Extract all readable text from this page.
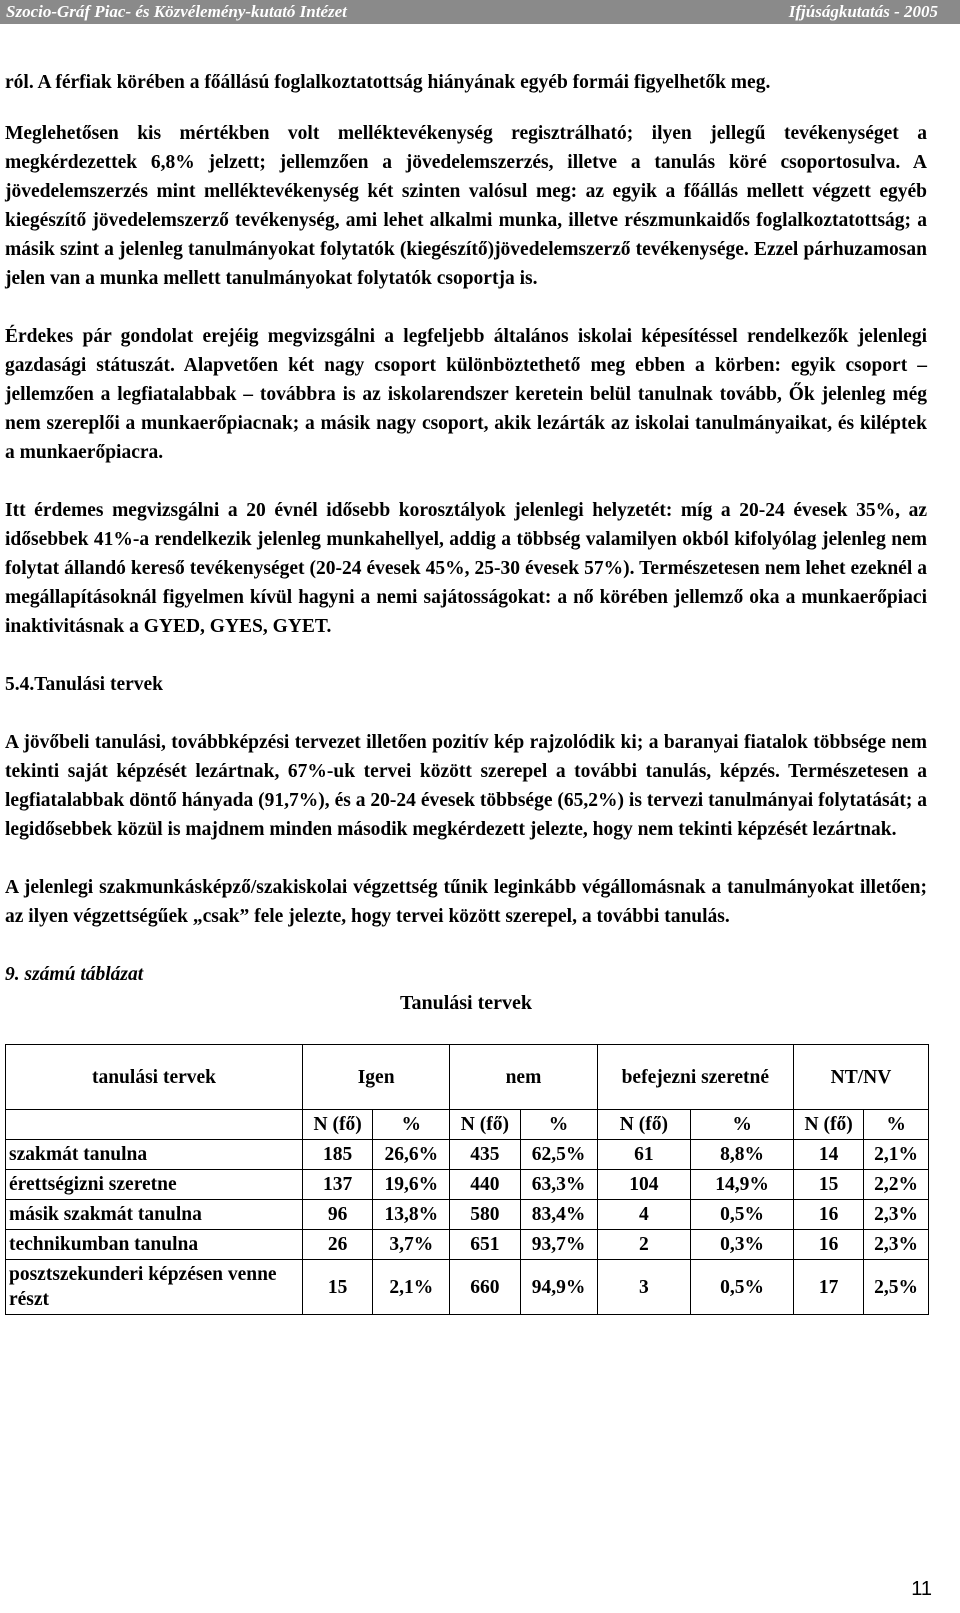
Szocio-Gráf Piac- és Közvélemény-kutató Intézet	Ifjúságkutatás - 2005

ról. A férfiak körében a főállású foglalkoztatottság hiányának egyéb formái figyelhetők meg.

Meglehetősen kis mértékben volt melléktevékenység regisztrálható; ilyen jellegű tevékenységet a megkérdezettek 6,8% jelzett; jellemzően a jövedelemszerzés, illetve a tanulás köré csoportosulva. A jövedelemszerzés mint melléktevékenység két szinten valósul meg: az egyik a főállás mellett végzett egyéb kiegészítő jövedelemszerző tevékenység, ami lehet alkalmi munka, illetve részmunkaidős foglalkoztatottság; a másik szint a jelenleg tanulmányokat folytatók (kiegészítő)jövedelemszerző tevékenysége. Ezzel párhuzamosan jelen van a munka mellett tanulmányokat folytatók csoportja is.

Érdekes pár gondolat erejéig megvizsgálni a legfeljebb általános iskolai képesítéssel rendelkezők jelenlegi gazdasági státuszát. Alapvetően két nagy csoport különböztethető meg ebben a körben: egyik csoport – jellemzően a legfiatalabbak – továbbra is az iskolarendszer keretein belül tanulnak tovább, Ők jelenleg még nem szereplői a munkaerőpiacnak; a másik nagy csoport, akik lezárták az iskolai tanulmányaikat, és kiléptek a munkaerőpiacra.

Itt érdemes megvizsgálni a 20 évnél idősebb korosztályok jelenlegi helyzetét: míg a 20-24 évesek 35%, az idősebbek 41%-a rendelkezik jelenleg munkahellyel, addig a többség valamilyen okból kifolyólag jelenleg nem folytat állandó kereső tevékenységet (20-24 évesek 45%, 25-30 évesek 57%). Természetesen nem lehet ezeknél a megállapításoknál figyelmen kívül hagyni a nemi sajátosságokat: a nő körében jellemző oka a munkaerőpiaci inaktivitásnak a GYED, GYES, GYET.

5.4.Tanulási tervek

A jövőbeli tanulási, továbbképzési tervezet illetően pozitív kép rajzolódik ki; a baranyai fiatalok többsége nem tekinti saját képzését lezártnak, 67%-uk tervei között szerepel a további tanulás, képzés. Természetesen a legfiatalabbak döntő hányada (91,7%), és a 20-24 évesek többsége (65,2%) is tervezi tanulmányai folytatását; a legidősebbek közül is majdnem minden második megkérdezett jelezte, hogy nem tekinti képzését lezártnak.

A jelenlegi szakmunkásképző/szakiskolai végzettség tűnik leginkább végállomásnak a tanulmányokat illetően; az ilyen végzettségűek „csak” fele jelezte, hogy tervei között szerepel, a további tanulás.

9. számú táblázat

Tanulási tervek

tanulási tervek	Igen		nem		befejezni szeretné		NT/NV	
	N (fő)	%	N (fő)	%	N (fő)	%	N (fő)	%
szakmát tanulna	185	26,6%	435	62,5%	61	8,8%	14	2,1%
érettségizni szeretne	137	19,6%	440	63,3%	104	14,9%	15	2,2%
másik szakmát tanulna	96	13,8%	580	83,4%	4	0,5%	16	2,3%
technikumban tanulna	26	3,7%	651	93,7%	2	0,3%	16	2,3%
posztszekunderi képzésen venne részt	15	2,1%	660	94,9%	3	0,5%	17	2,5%
11
